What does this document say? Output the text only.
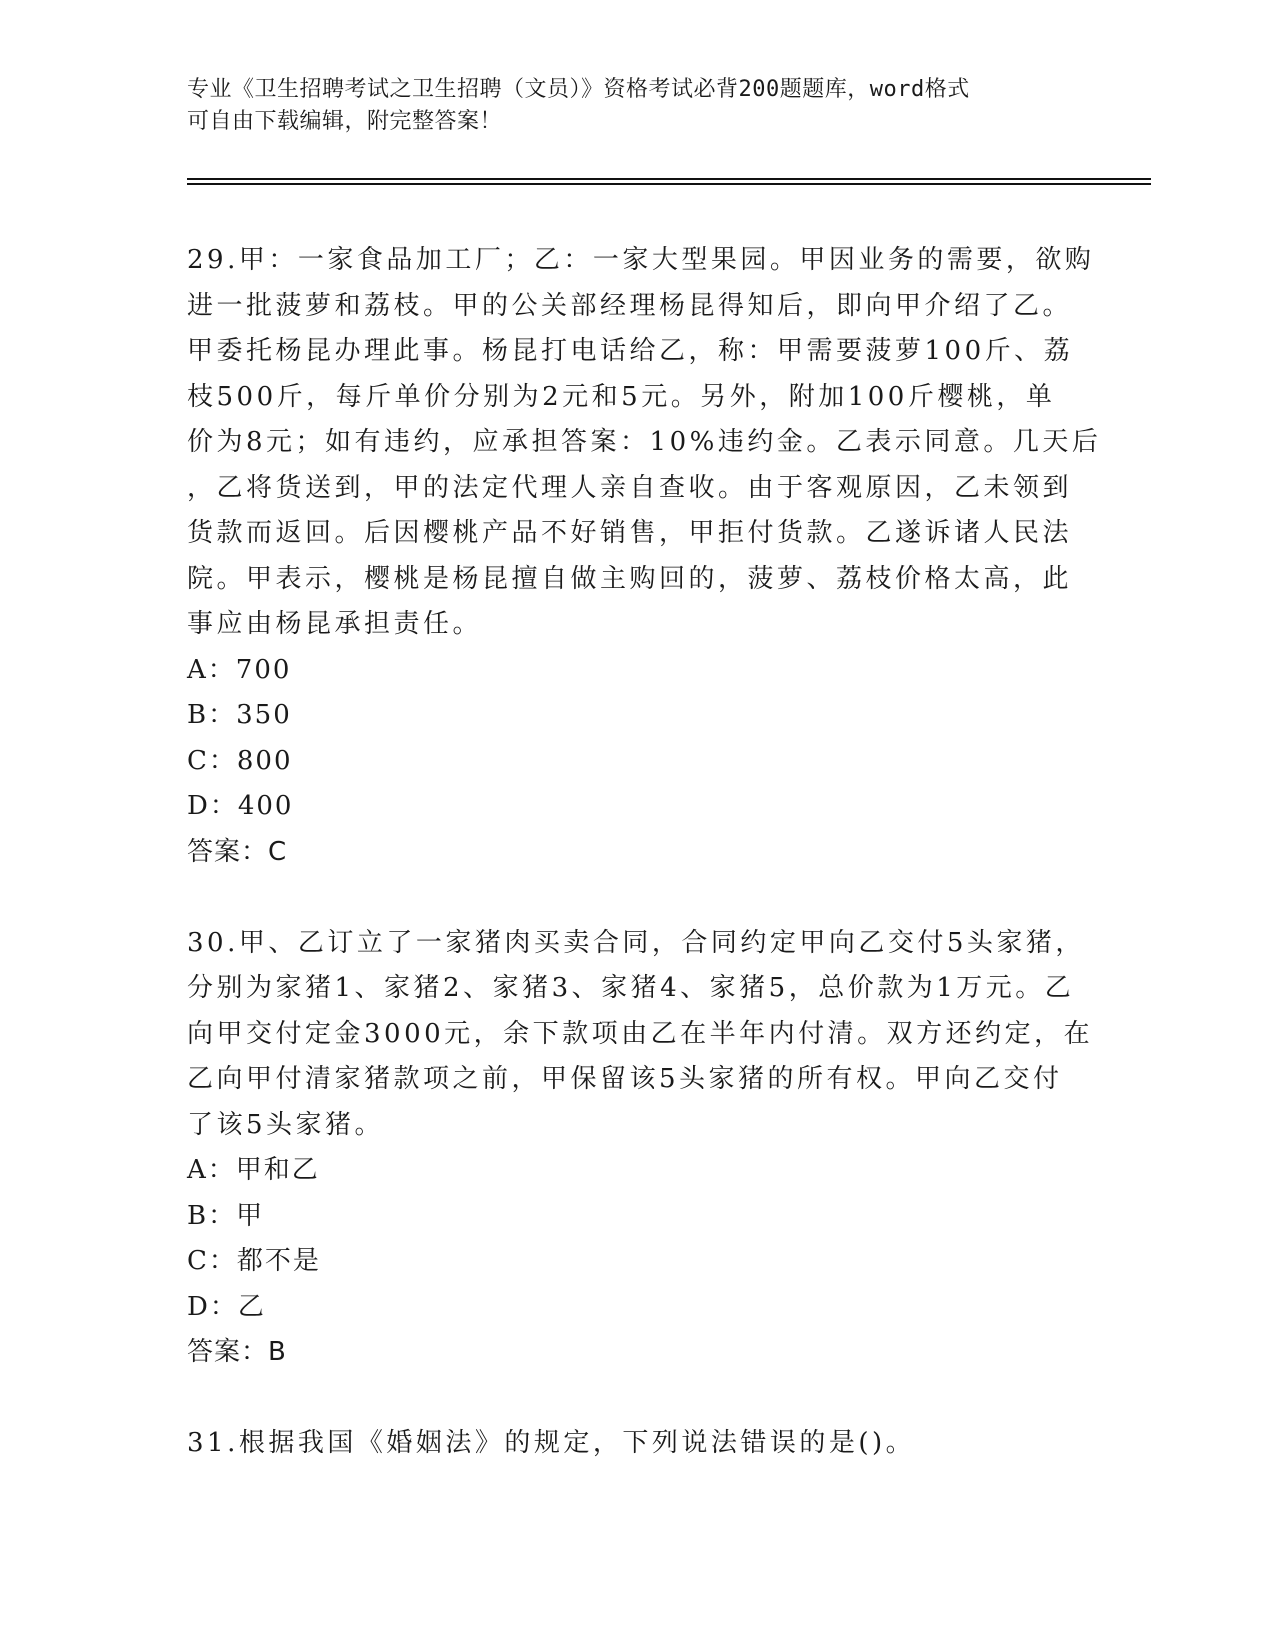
专业《卫生招聘考试之卫生招聘（文员）》资格考试必背200题题库，word格式
可自由下载编辑，附完整答案！
29.甲：一家食品加工厂；乙：一家大型果园。甲因业务的需要，欲购
进一批菠萝和荔枝。甲的公关部经理杨昆得知后，即向甲介绍了乙。
甲委托杨昆办理此事。杨昆打电话给乙，称：甲需要菠萝100斤、荔
枝500斤，每斤单价分别为2元和5元。另外，附加100斤樱桃，单
价为8元；如有违约，应承担答案：10%违约金。乙表示同意。几天后
，乙将货送到，甲的法定代理人亲自查收。由于客观原因，乙未领到
货款而返回。后因樱桃产品不好销售，甲拒付货款。乙遂诉诸人民法
院。甲表示，樱桃是杨昆擅自做主购回的，菠萝、荔枝价格太高，此
事应由杨昆承担责任。
A：700
B：350
C：800
D：400
答案：C
30.甲、乙订立了一家猪肉买卖合同，合同约定甲向乙交付5头家猪，
分别为家猪1、家猪2、家猪3、家猪4、家猪5，总价款为1万元。乙
向甲交付定金3000元，余下款项由乙在半年内付清。双方还约定，在
乙向甲付清家猪款项之前，甲保留该5头家猪的所有权。甲向乙交付
了该5头家猪。
A：甲和乙
B：甲
C：都不是
D：乙
答案：B
31.根据我国《婚姻法》的规定，下列说法错误的是()。
